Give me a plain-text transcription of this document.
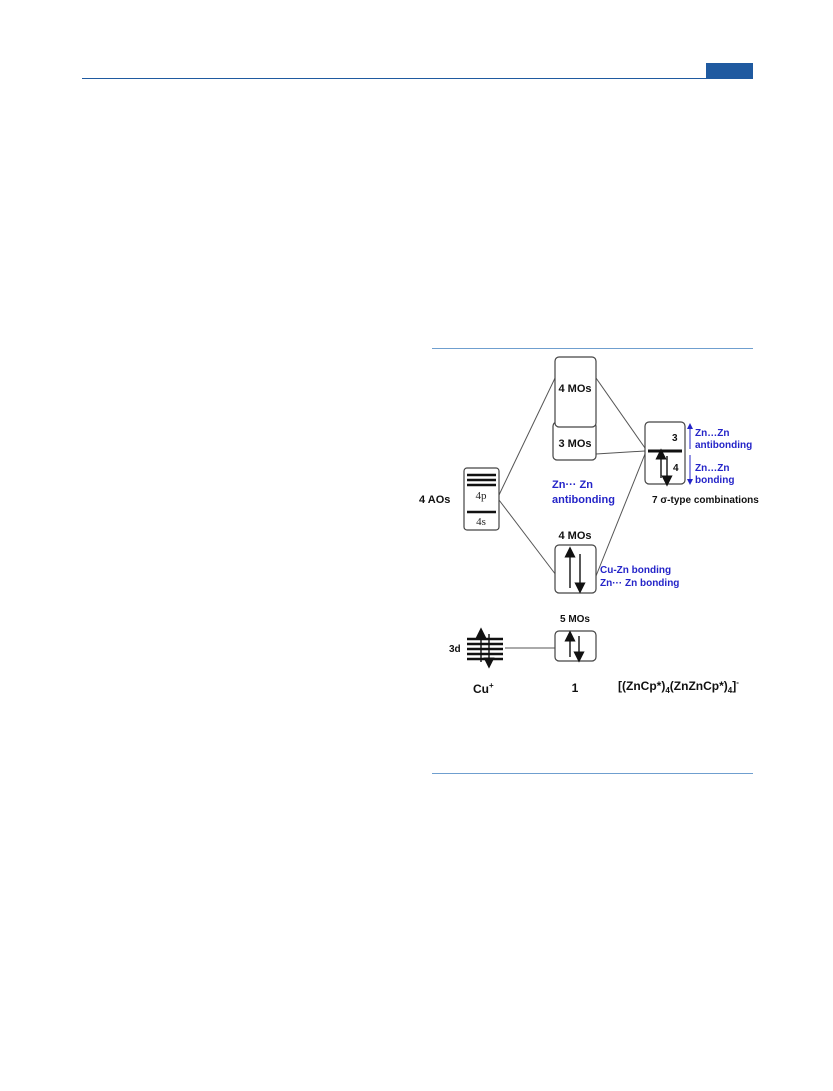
4p
4s
4 AOs
4 MOs
3 MOs
Zn··· Zn
antibonding
4 MOs
Cu-Zn bonding
Zn··· Zn bonding
3
4
Zn…Zn
antibonding
Zn…Zn
bonding
7 σ-type combinations
3d
5 MOs
Cu+	1	$[(ZnCp*)_4(ZnZnCp*)_4]^-$
